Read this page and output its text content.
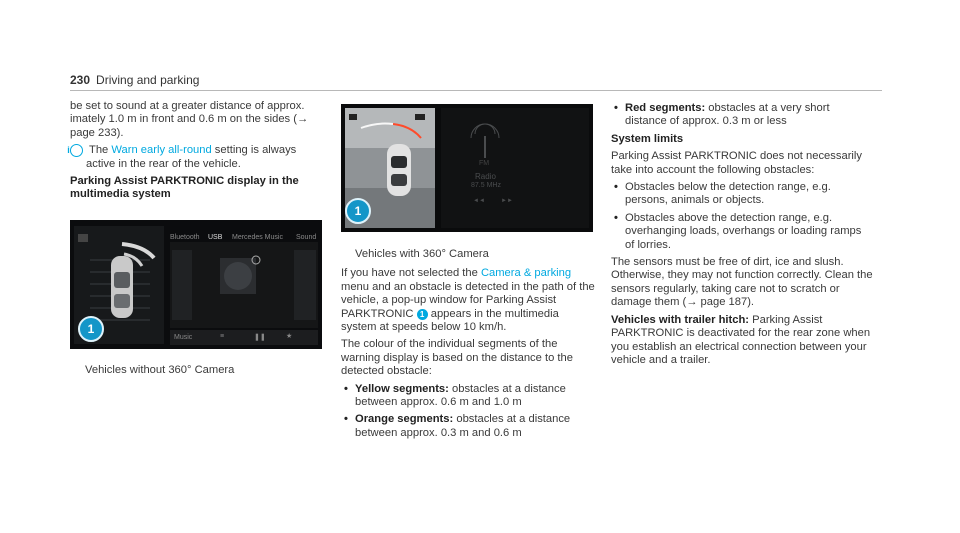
230 Driving and parking

be set to sound at a greater distance of approx. imately 1.0 m in front and 0.6 m on the sides (→ page 233).

i The Warn early all-round setting is always active in the rear of the vehicle.

Parking Assist PARKTRONIC display in the multimedia system

Bluetooth USB Mercedes Music Sound
Music	≡	❚❚	★
1
Vehicles without 360° Camera
◄◄	►►
FM
Radio
87.5 MHz
1

Vehicles with 360° Camera

If you have not selected the Camera & parking menu and an obstacle is detected in the path of the vehicle, a pop-up window for Parking Assist PARKTRONIC 1 appears in the multimedia system at speeds below 10 km/h.

The colour of the individual segments of the warning display is based on the distance to the detected obstacle:

• Yellow segments: obstacles at a distance between approx. 0.6 m and 1.0 m

• Orange segments: obstacles at a distance between approx. 0.3 m and 0.6 m

• Red segments: obstacles at a very short distance of approx. 0.3 m or less

System limits

Parking Assist PARKTRONIC does not necessarily take into account the following obstacles:

• Obstacles below the detection range, e.g. persons, animals or objects.

• Obstacles above the detection range, e.g. overhanging loads, overhangs or loading ramps of lorries.

The sensors must be free of dirt, ice and slush. Otherwise, they may not function correctly. Clean the sensors regularly, taking care not to scratch or damage them (→ page 187).

Vehicles with trailer hitch: Parking Assist PARKTRONIC is deactivated for the rear zone when you establish an electrical connection between your vehicle and a trailer.
